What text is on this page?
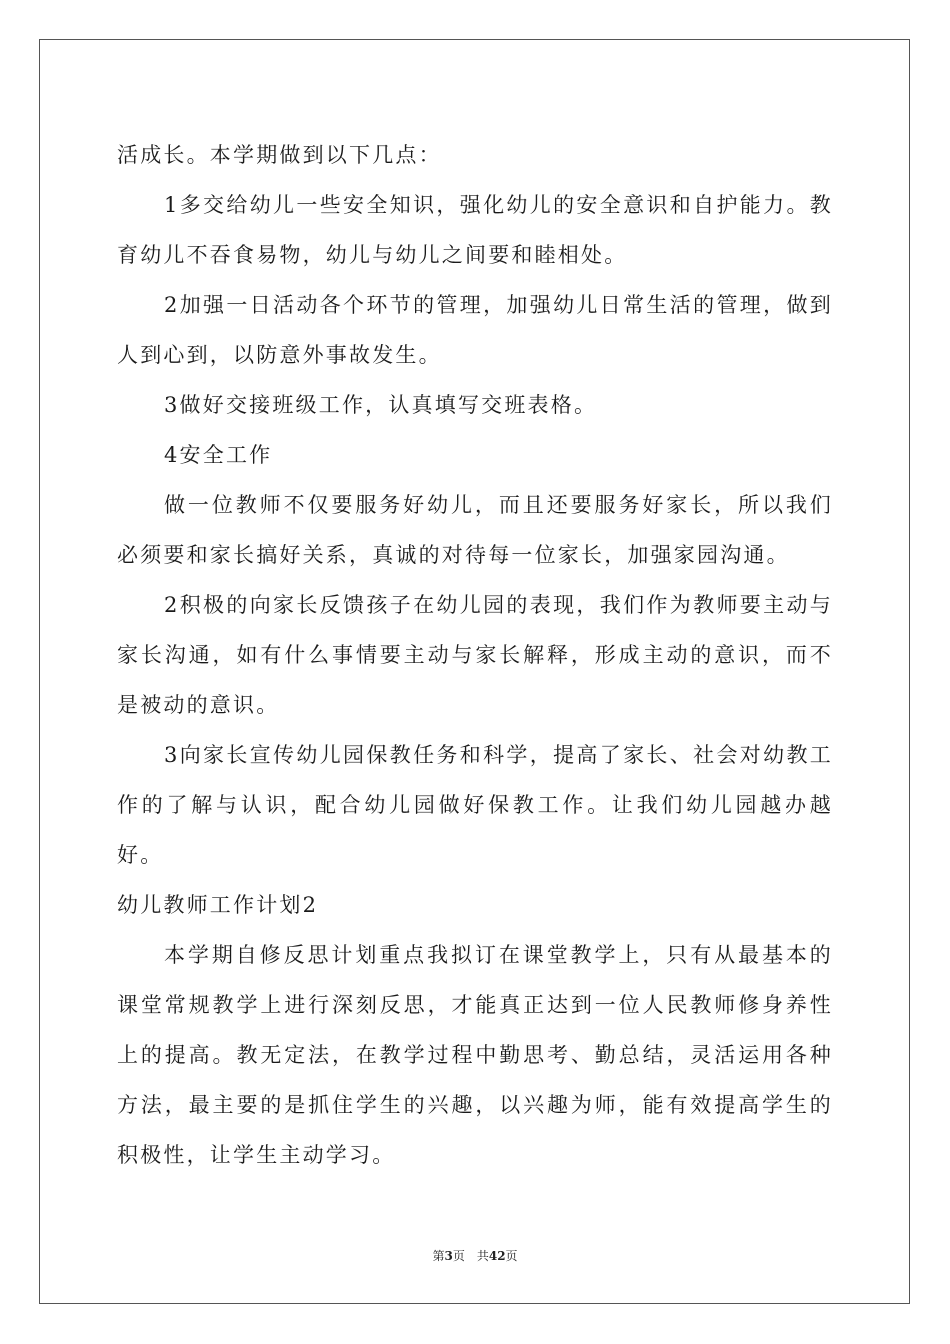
活成长。本学期做到以下几点：

1多交给幼儿一些安全知识，强化幼儿的安全意识和自护能力。教育幼儿不吞食易物，幼儿与幼儿之间要和睦相处。

2加强一日活动各个环节的管理，加强幼儿日常生活的管理，做到人到心到，以防意外事故发生。

3做好交接班级工作，认真填写交班表格。

4安全工作

做一位教师不仅要服务好幼儿，而且还要服务好家长，所以我们必须要和家长搞好关系，真诚的对待每一位家长，加强家园沟通。

2积极的向家长反馈孩子在幼儿园的表现，我们作为教师要主动与家长沟通，如有什么事情要主动与家长解释，形成主动的意识，而不是被动的意识。

3向家长宣传幼儿园保教任务和科学，提高了家长、社会对幼教工作的了解与认识，配合幼儿园做好保教工作。让我们幼儿园越办越好。

幼儿教师工作计划2

本学期自修反思计划重点我拟订在课堂教学上，只有从最基本的课堂常规教学上进行深刻反思，才能真正达到一位人民教师修身养性上的提高。教无定法，在教学过程中勤思考、勤总结，灵活运用各种方法，最主要的是抓住学生的兴趣，以兴趣为师，能有效提高学生的积极性，让学生主动学习。

第3页 共42页
